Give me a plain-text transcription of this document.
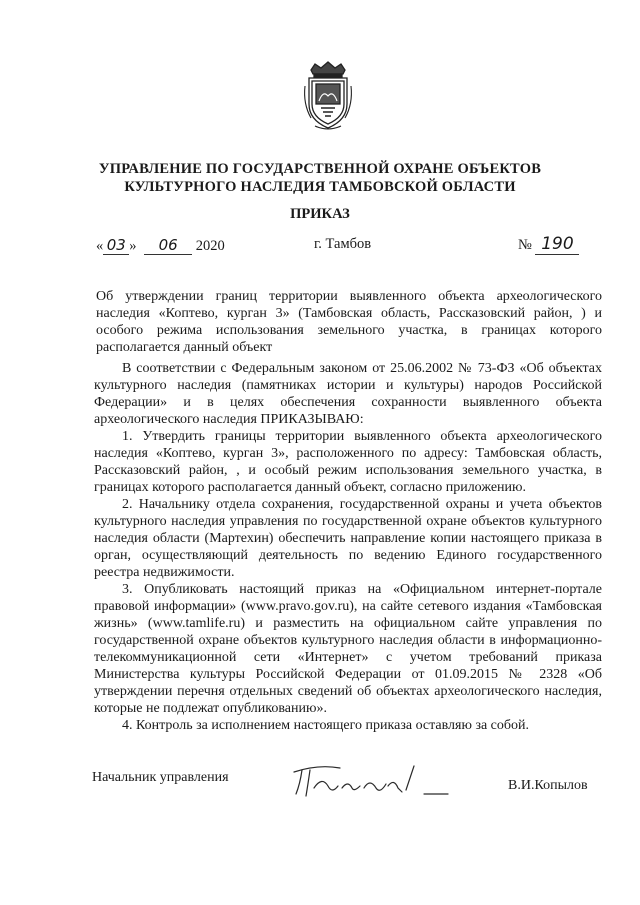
УПРАВЛЕНИЕ ПО ГОСУДАРСТВЕННОЙ ОХРАНЕ ОБЪЕКТОВ
КУЛЬТУРНОГО НАСЛЕДИЯ ТАМБОВСКОЙ ОБЛАСТИ
ПРИКАЗ
« 03 » 06 2020	г. Тамбов	№ 190
Об утверждении границ территории выявленного объекта археологического наследия «Коптево, курган 3» (Тамбовская область, Рассказовский район, ) и особого режима использования земельного участка, в границах которого располагается данный объект

В соответствии с Федеральным законом от 25.06.2002 № 73-ФЗ «Об объектах культурного наследия (памятниках истории и культуры) народов Российской Федерации» и в целях обеспечения сохранности выявленного объекта археологического наследия ПРИКАЗЫВАЮ:

1. Утвердить границы территории выявленного объекта археологического наследия «Коптево, курган 3», расположенного по адресу: Тамбовская область, Рассказовский район, , и особый режим использования земельного участка, в границах которого располагается данный объект, согласно приложению.

2. Начальнику отдела сохранения, государственной охраны и учета объектов культурного наследия управления по государственной охране объектов культурного наследия области (Мартехин) обеспечить направление копии настоящего приказа в орган, осуществляющий деятельность по ведению Единого государственного реестра недвижимости.

3. Опубликовать настоящий приказ на «Официальном интернет-портале правовой информации» (www.pravo.gov.ru), на сайте сетевого издания «Тамбовская жизнь» (www.tamlife.ru) и разместить на официальном сайте управления по государственной охране объектов культурного наследия области в информационно-телекоммуникационной сети «Интернет» с учетом требований приказа Министерства культуры Российской Федерации от 01.09.2015 № 2328 «Об утверждении перечня отдельных сведений об объектах археологического наследия, которые не подлежат опубликованию».

4. Контроль за исполнением настоящего приказа оставляю за собой.

Начальник управления
В.И.Копылов
